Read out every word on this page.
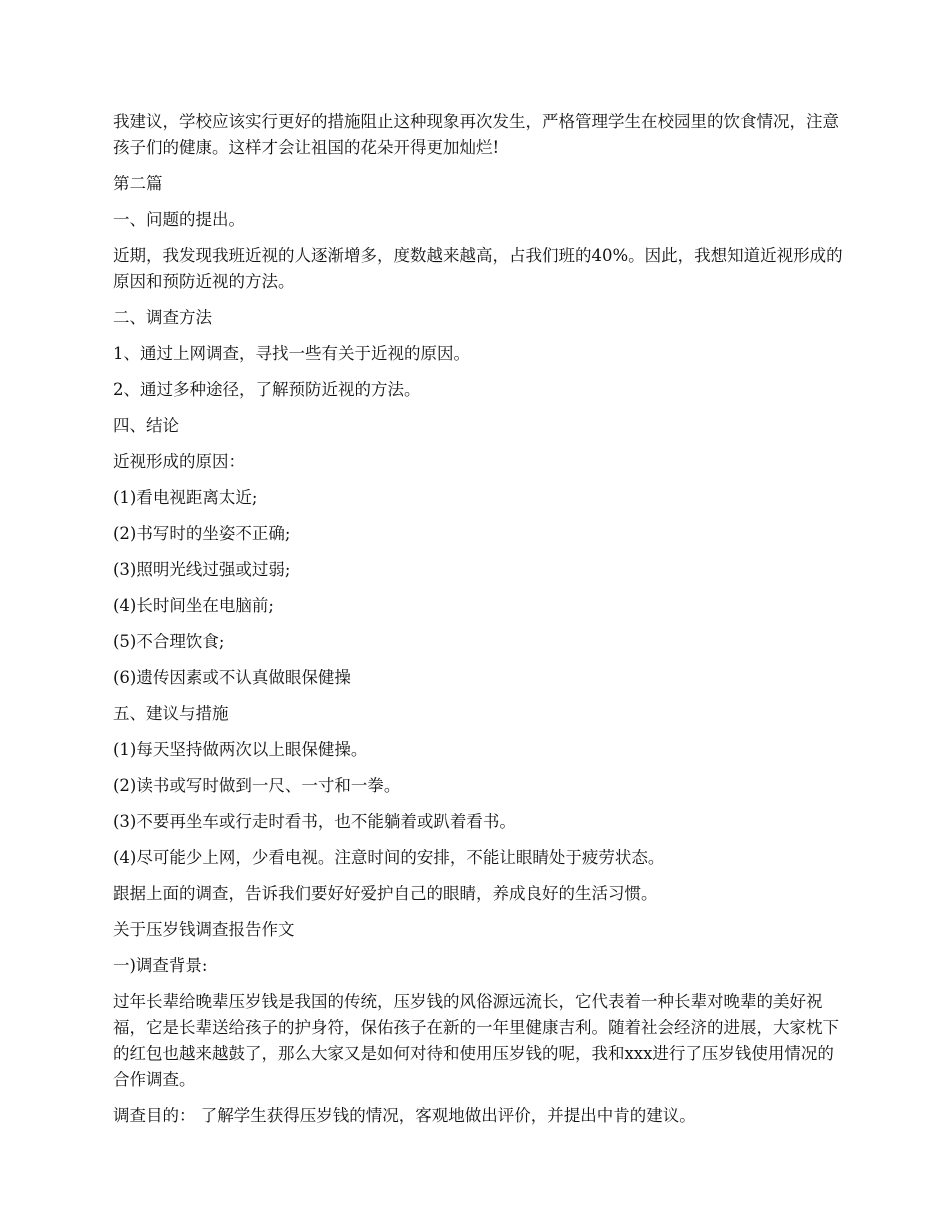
我建议，学校应该实行更好的措施阻止这种现象再次发生，严格管理学生在校园里的饮食情况，注意孩子们的健康。这样才会让祖国的花朵开得更加灿烂!

第二篇

一、问题的提出。

近期，我发现我班近视的人逐渐增多，度数越来越高，占我们班的40%。因此，我想知道近视形成的原因和预防近视的方法。

二、调查方法

1、通过上网调查，寻找一些有关于近视的原因。

2、通过多种途径，了解预防近视的方法。

四、结论

近视形成的原因：

(1)看电视距离太近;

(2)书写时的坐姿不正确;

(3)照明光线过强或过弱;

(4)长时间坐在电脑前;

(5)不合理饮食;

(6)遗传因素或不认真做眼保健操

五、建议与措施

(1)每天坚持做两次以上眼保健操。

(2)读书或写时做到一尺、一寸和一拳。

(3)不要再坐车或行走时看书，也不能躺着或趴着看书。

(4)尽可能少上网，少看电视。注意时间的安排，不能让眼睛处于疲劳状态。

跟据上面的调查，告诉我们要好好爱护自己的眼睛，养成良好的生活习惯。

关于压岁钱调查报告作文

一)调查背景:

过年长辈给晚辈压岁钱是我国的传统，压岁钱的风俗源远流长，它代表着一种长辈对晚辈的美好祝福，它是长辈送给孩子的护身符，保佑孩子在新的一年里健康吉利。随着社会经济的进展，大家枕下的红包也越来越鼓了，那么大家又是如何对待和使用压岁钱的呢，我和xxx进行了压岁钱使用情况的合作调查。

调查目的： 了解学生获得压岁钱的情况，客观地做出评价，并提出中肯的建议。
